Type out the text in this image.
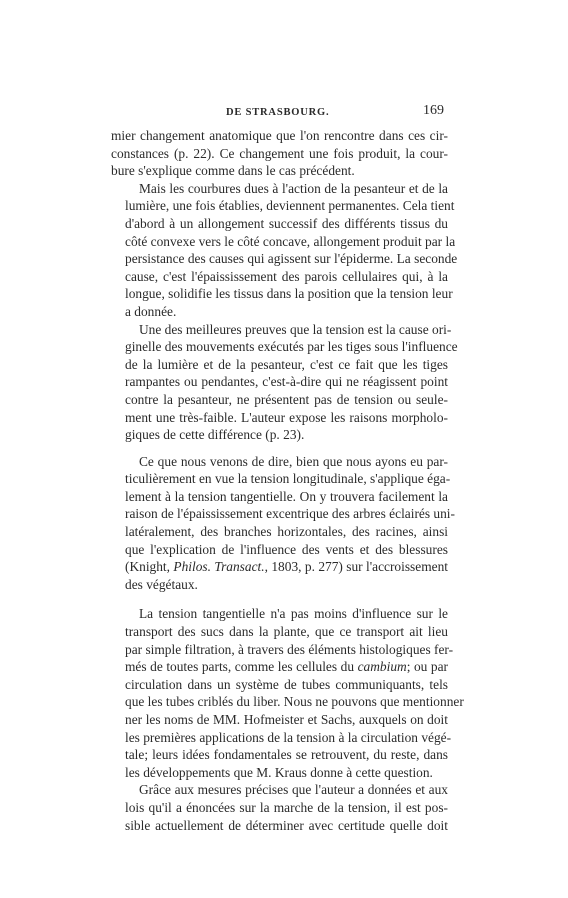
DE STRASBOURG.	169

mier changement anatomique que l'on rencontre dans ces cir-
constances (p. 22). Ce changement une fois produit, la cour-
bure s'explique comme dans le cas précédent.

Mais les courbures dues à l'action de la pesanteur et de la
lumière, une fois établies, deviennent permanentes. Cela tient
d'abord à un allongement successif des différents tissus du
côté convexe vers le côté concave, allongement produit par la
persistance des causes qui agissent sur l'épiderme. La seconde
cause, c'est l'épaississement des parois cellulaires qui, à la
longue, solidifie les tissus dans la position que la tension leur
a donnée.

Une des meilleures preuves que la tension est la cause ori-
ginelle des mouvements exécutés par les tiges sous l'influence
de la lumière et de la pesanteur, c'est ce fait que les tiges
rampantes ou pendantes, c'est-à-dire qui ne réagissent point
contre la pesanteur, ne présentent pas de tension ou seule-
ment une très-faible. L'auteur expose les raisons morpholo-
giques de cette différence (p. 23).

Ce que nous venons de dire, bien que nous ayons eu par-
ticulièrement en vue la tension longitudinale, s'applique éga-
lement à la tension tangentielle. On y trouvera facilement la
raison de l'épaississement excentrique des arbres éclairés uni-
latéralement, des branches horizontales, des racines, ainsi
que l'explication de l'influence des vents et des blessures
(Knight, Philos. Transact., 1803, p. 277) sur l'accroissement
des végétaux.

La tension tangentielle n'a pas moins d'influence sur le
transport des sucs dans la plante, que ce transport ait lieu
par simple filtration, à travers des éléments histologiques fer-
més de toutes parts, comme les cellules du cambium; ou par
circulation dans un système de tubes communiquants, tels
que les tubes criblés du liber. Nous ne pouvons que mentionner
ner les noms de MM. Hofmeister et Sachs, auxquels on doit
les premières applications de la tension à la circulation végé-
tale; leurs idées fondamentales se retrouvent, du reste, dans
les développements que M. Kraus donne à cette question.

Grâce aux mesures précises que l'auteur a données et aux
lois qu'il a énoncées sur la marche de la tension, il est pos-
sible actuellement de déterminer avec certitude quelle doit
